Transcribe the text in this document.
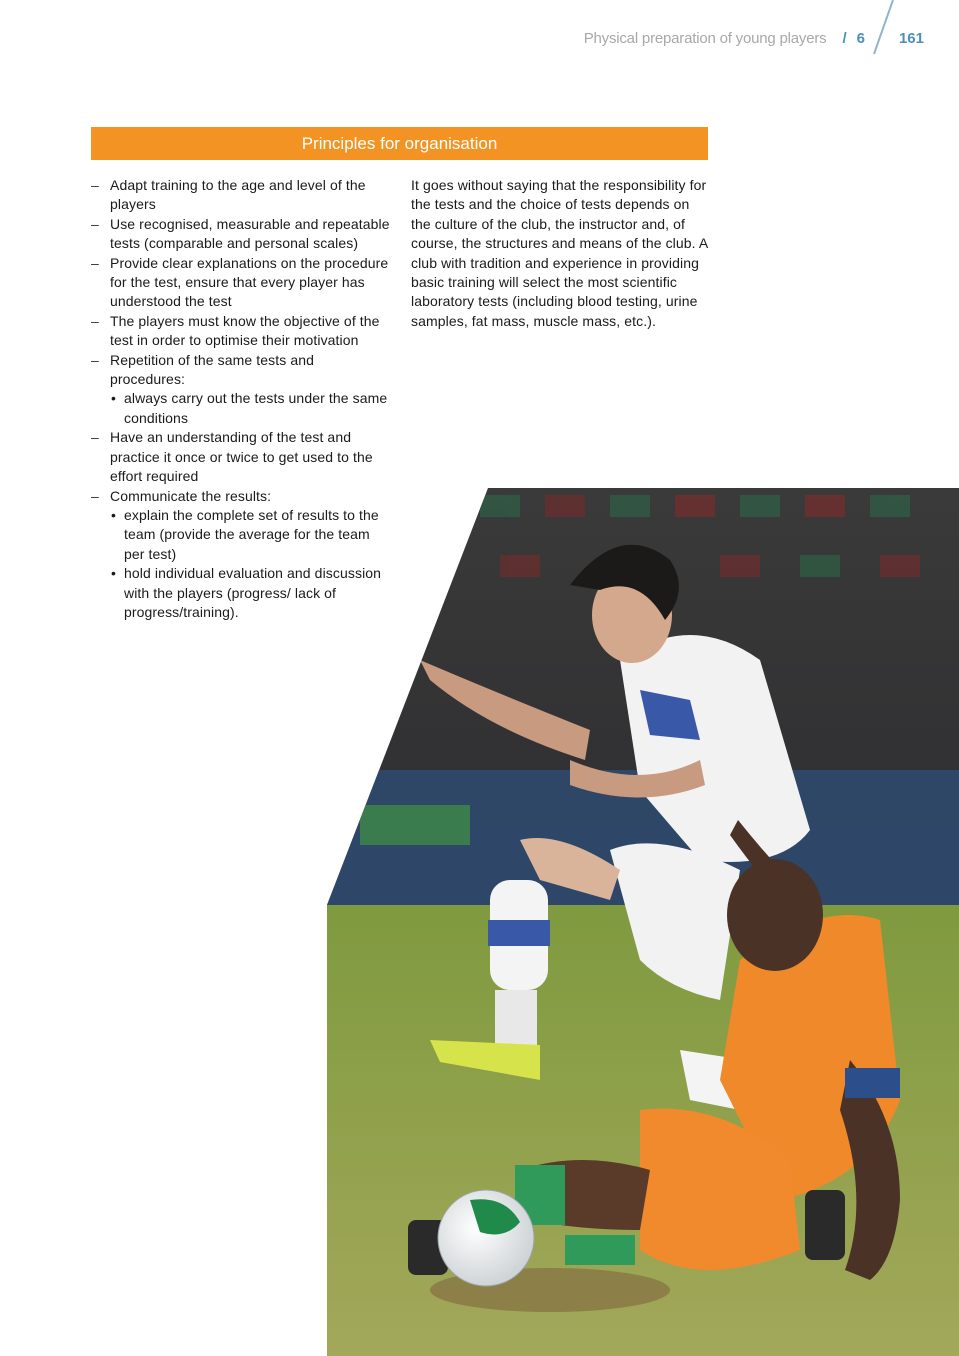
Physical preparation of young players / 6 161
Principles for organisation
– Adapt training to the age and level of the players
– Use recognised, measurable and repeatable tests (comparable and personal scales)
– Provide clear explanations on the procedure for the test, ensure that every player has understood the test
– The players must know the objective of the test in order to optimise their motivation
– Repetition of the same tests and procedures:
• always carry out the tests under the same conditions
– Have an understanding of the test and practice it once or twice to get used to the effort required
– Communicate the results:
• explain the complete set of results to the team (provide the average for the team per test)
• hold individual evaluation and discussion with the players (progress/ lack of progress/training).

It goes without saying that the responsibility for the tests and the choice of tests depends on the culture of the club, the instructor and, of course, the structures and means of the club. A club with tradition and experience in providing basic training will select the most scientific laboratory tests (including blood testing, urine samples, fat mass, muscle mass, etc.).
